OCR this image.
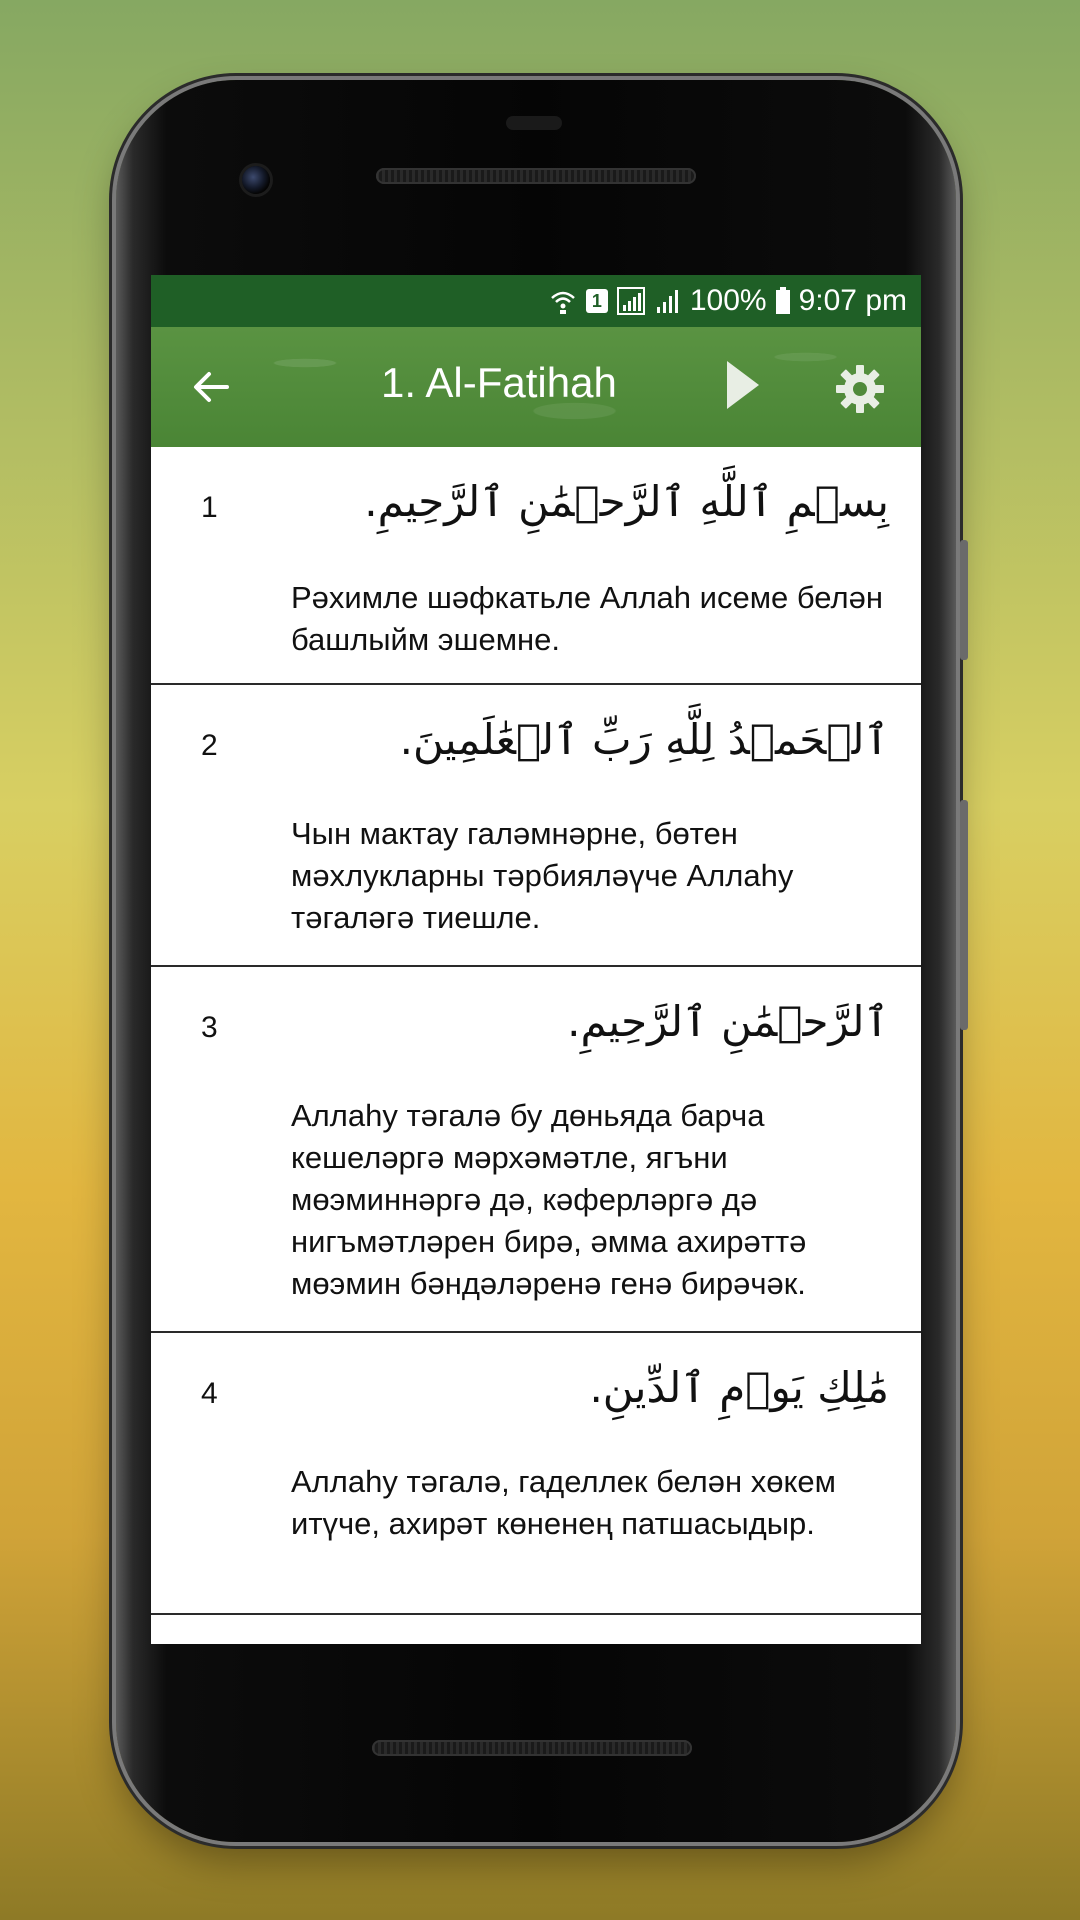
1	100% 9:07 pm
1. Al-Fatihah
1	بِسۡمِ ٱللَّهِ ٱلرَّحۡمَٰنِ ٱلرَّحِيمِ.
Рәхимле шәфкатьле Аллаһ исеме белән башлыйм эшемне.
2	ٱلۡحَمۡدُ لِلَّهِ رَبِّ ٱلۡعَٰلَمِينَ.
Чын мактау галәмнәрне, бөтен мәхлукларны тәрбияләүче Аллаһу тәгаләгә тиешле.
3	ٱلرَّحۡمَٰنِ ٱلرَّحِيمِ.
Аллаһу тәгалә бу дөньяда барча кешеләргә мәрхәмәтле, ягъни мөэминнәргә дә, кәферләргә дә нигъмәтләрен бирә, әмма ахирәттә мөэмин бәндәләренә генә бирәчәк.
4	مَٰلِكِ يَوۡمِ ٱلدِّينِ.
Аллаһу тәгалә, гаделлек белән хөкем итүче, ахирәт көненең патшасыдыр.
